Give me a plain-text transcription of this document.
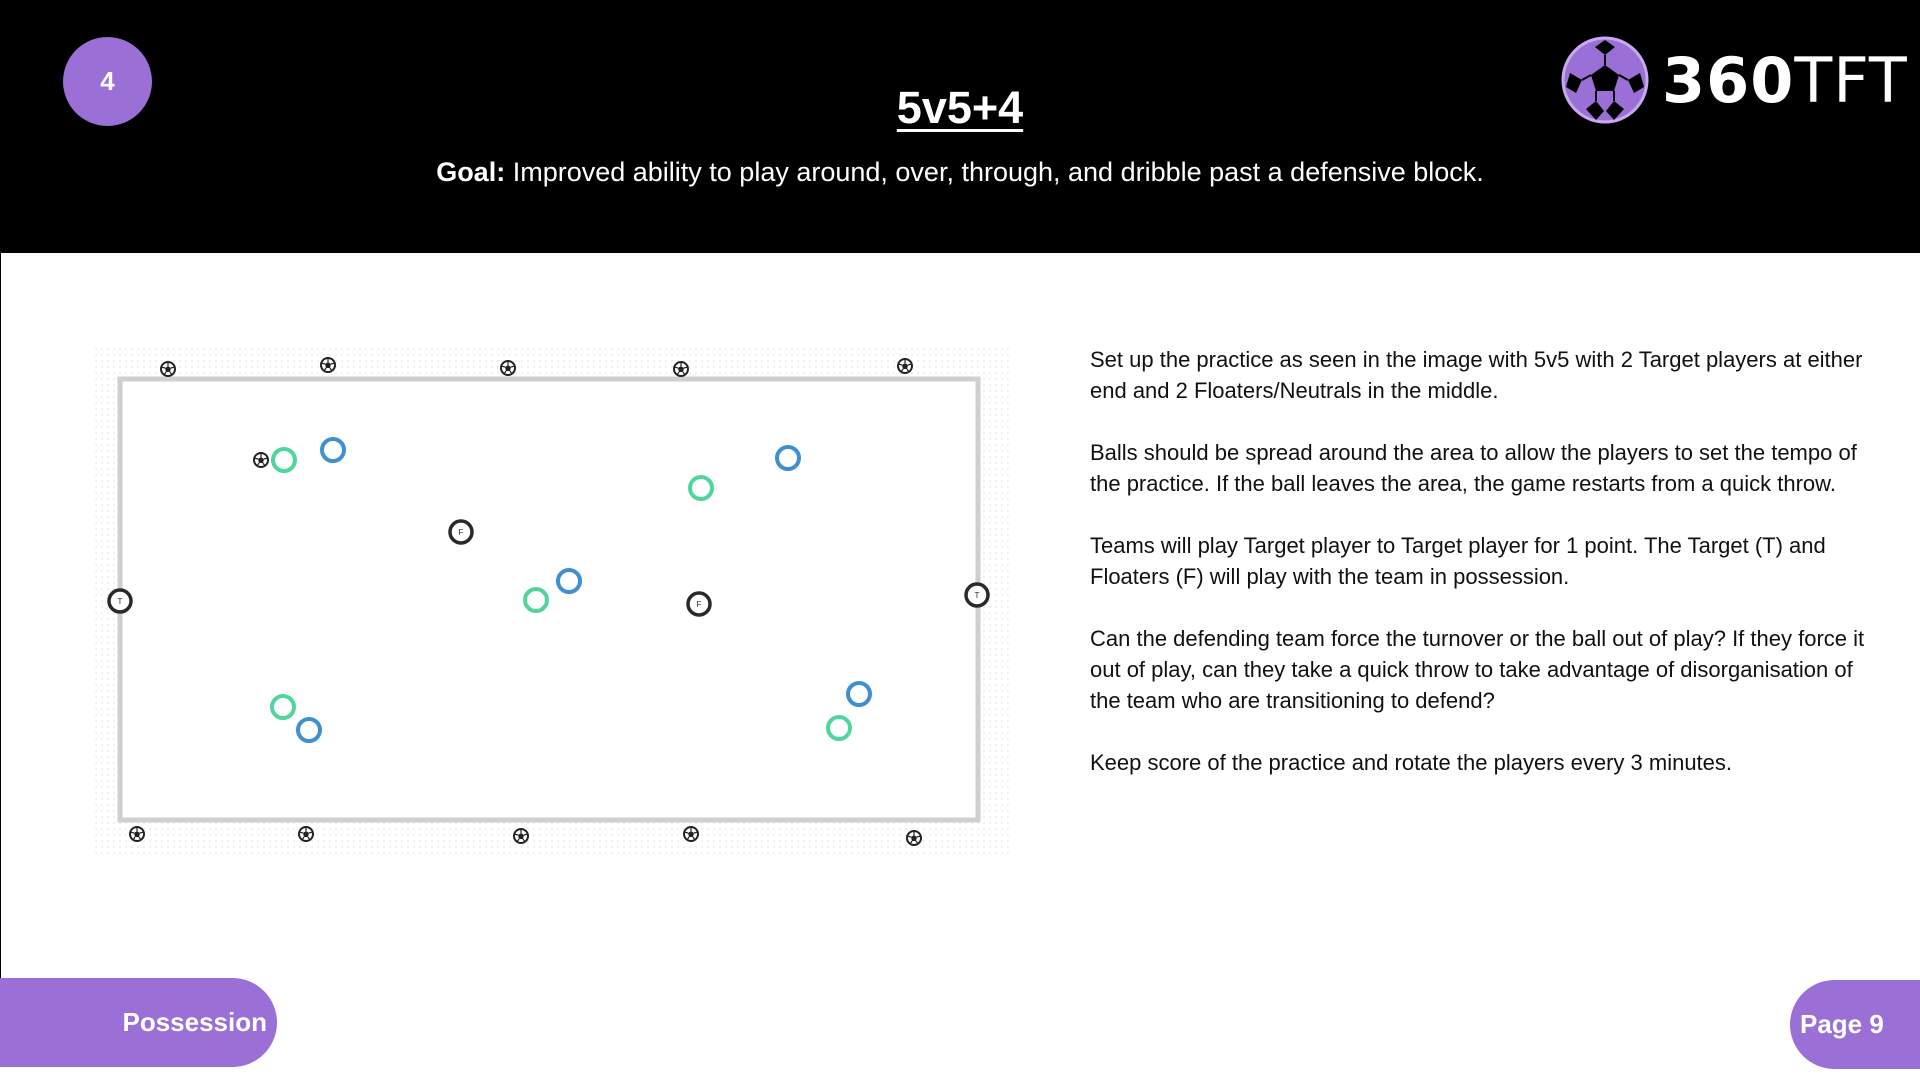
4
5v5+4
Goal: Improved ability to play around, over, through, and dribble past a defensive block.
360TFT
T
T
F
F

Set up the practice as seen in the image with 5v5 with 2 Target players at either end and 2 Floaters/Neutrals in the middle.

Balls should be spread around the area to allow the players to set the tempo of the practice. If the ball leaves the area, the game restarts from a quick throw.

Teams will play Target player to Target player for 1 point. The Target (T) and Floaters (F) will play with the team in possession.

Can the defending team force the turnover or the ball out of play? If they force it out of play, can they take a quick throw to take advantage of disorganisation of the team who are transitioning to defend?

Keep score of the practice and rotate the players every 3 minutes.

Possession	Page 9
